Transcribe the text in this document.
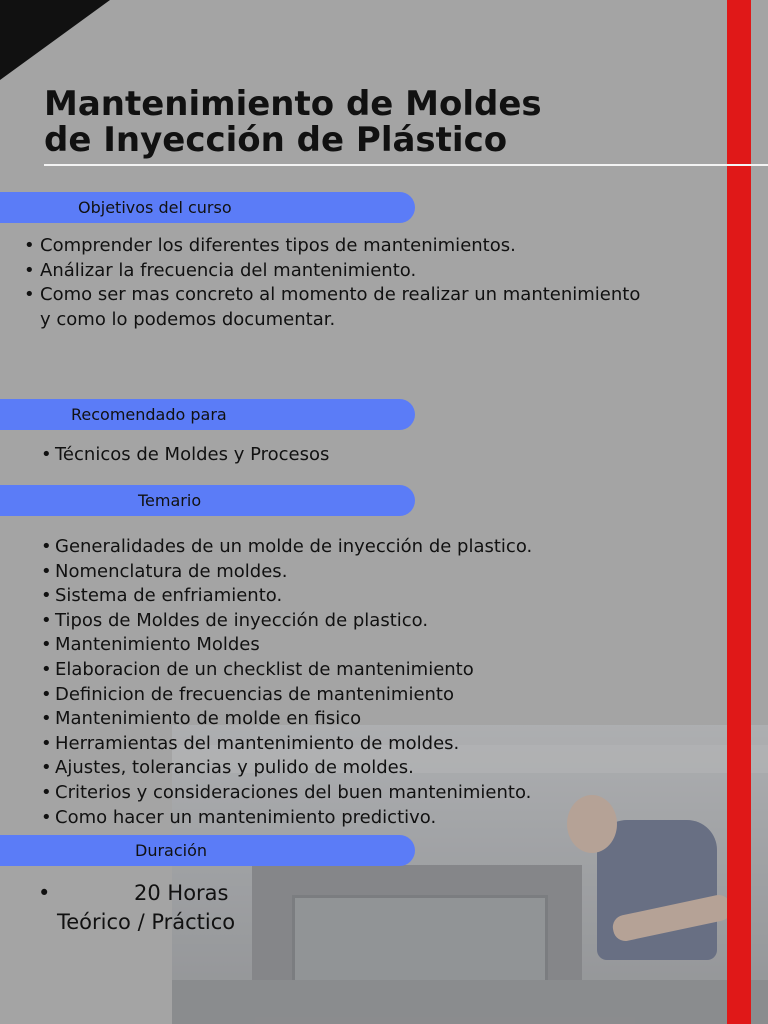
Mantenimiento de Moldes
de Inyección de Plástico
Objetivos del curso
• Comprender los diferentes tipos de mantenimientos.
• Análizar la frecuencia del mantenimiento.
• Como ser mas concreto al momento de realizar un mantenimiento y como lo podemos documentar.
Recomendado para
• Técnicos de Moldes y Procesos
Temario
• Generalidades de un molde de inyección de plastico.
• Nomenclatura de moldes.
• Sistema de enfriamiento.
• Tipos de Moldes de inyección de plastico.
• Mantenimiento Moldes
• Elaboracion de un checklist de mantenimiento
• Definicion de frecuencias de mantenimiento
• Mantenimiento de molde en fisico
• Herramientas del mantenimiento de moldes.
• Ajustes, tolerancias y pulido de moldes.
• Criterios y consideraciones del buen mantenimiento.
• Como hacer un mantenimiento predictivo.
Duración
•	20 Horas
Teórico / Práctico
